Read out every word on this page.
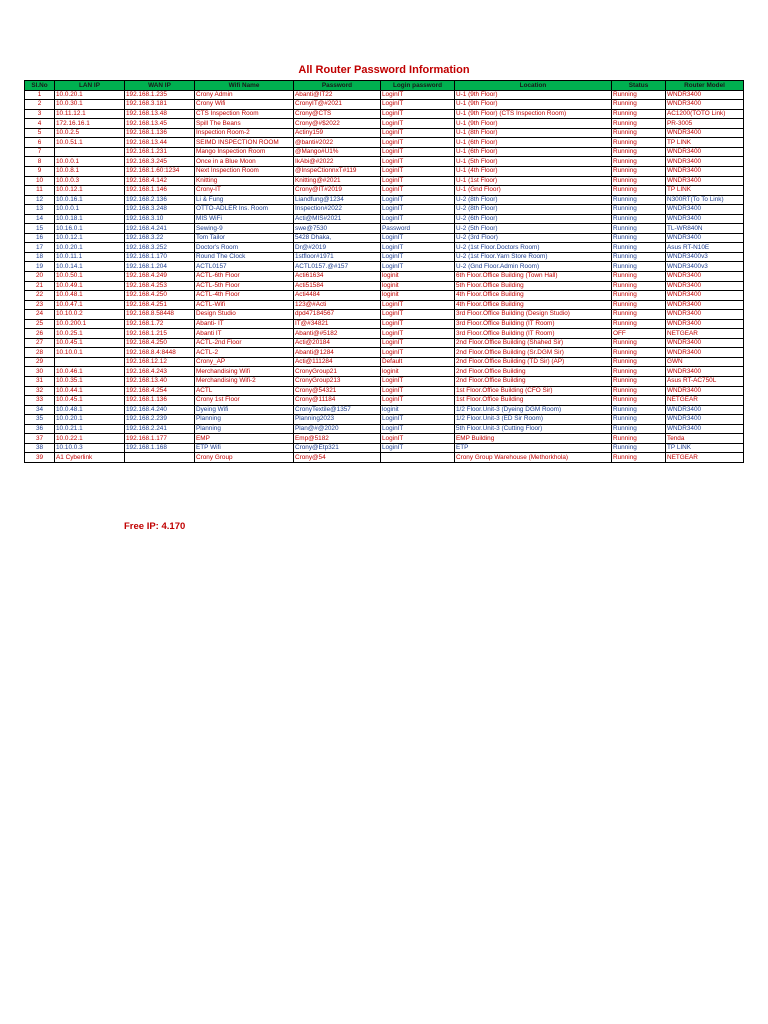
All Router Password Information
Sl.No	LAN IP	WAN IP	Wifi Name	Password	Login password	Location	Status	Router Model
1	10.0.20.1	192.168.1.235	Crony Admin	Abanti@IT22	LoginIT	U-1 (9th Floor)	Running	WNDR3400
2	10.0.30.1	192.168.3.181	Crony Wifi	CronyIT@#2021	LoginIT	U-1 (9th Floor)	Running	WNDR3400
3	10.11.12.1	192.168.13.48	CTS Inspection Room	Crony@CTS	LoginIT	U-1 (9th Floor) (CTS Inspection Room)	Running	AC1200(TOTO Link)
4	172.16.16.1	192.168.13.45	Spill The Beans	Crony@#$2022	LoginIT	U-1 (9th Floor)	Running	PR-3005
5	10.0.2.5	192.168.1.136	Inspection Room-2	Actiny159	LoginIT	U-1 (8th Floor)	Running	WNDR3400
6	10.0.51.1	192.168.13.44	SEIMD INSPECTION ROOM	@banti#2022	LoginIT	U-1 (6th Floor)	Running	TP LINK
7		192.168.1.231	Mango Inspection Room	@Mango#U1%	LoginIT	U-1 (6th Floor)	Running	WNDR3400
8	10.0.0.1	192.168.3.245	Once in a Blue Moon	IkAbi@#2022	LoginIT	U-1 (5th Floor)	Running	WNDR3400
9	10.0.8.1	192.168.1.60:1234	Next Inspection Room	@InspeCtionnxT#119	LoginIT	U-1 (4th Floor)	Running	WNDR3400
10	10.0.0.3	192.168.4.142	Knitting	Knitting@#2021	LoginIT	U-1 (1st Floor)	Running	WNDR3400
11	10.0.12.1	192.168.1.146	Crony-IT	Crony@IT#2019	LoginIT	U-1 (Gnd Floor)	Running	TP LINK
12	10.0.16.1	192.168.2.136	Li & Fung	Liandfung@1234	LoginIT	U-2 (8th Floor)	Running	N300RT(To To Link)
13	10.0.0.1	192.168.3.248	OTTO-ADLER Ins. Room	Inspection#2022	LoginIT	U-2 (8th Floor)	Running	WNDR3400
14	10.0.18.1	192.168.3.10	MIS WiFi	Acti@MIS#2021	LoginIT	U-2 (6th Floor)	Running	WNDR3400
15	10.16.0.1	192.168.4.241	Sewing-9	swe@7530	Password	U-2 (5th Floor)	Running	TL-WR840N
16	10.0.12.1	192.168.3.22	Tom Tailor	5428 Dhaka,	LoginIT	U-2 (3rd Floor)	Running	WNDR3400
17	10.0.20.1	192.168.3.252	Doctor's Room	Dr@#2019	LoginIT	U-2 (1st Floor.Doctors Room)	Running	Asus RT-N10E
18	10.0.11.1	192.168.1.170	Round The Clock	1stfloor#1971	LoginIT	U-2 (1st Floor.Yarn Store Room)	Running	WNDR3400v3
19	10.0.14.1	192.168.1.204	ACTL0157	ACTL0157.@#157	LoginIT	U-2 (Gnd Floor.Admin Room)	Running	WNDR3400v3
20	10.0.50.1	192.168.4.249	ACTL-6th Floor	Acti61634	loginit	6th Floor.Office Building (Town Hall)	Running	WNDR3400
21	10.0.49.1	192.168.4.253	ACTL-5th Floor	Acti51584	loginit	5th Floor.Office Building	Running	WNDR3400
22	10.0.48.1	192.168.4.250	ACTL-4th Floor	Acti4484	loginit	4th Floor.Office Building	Running	WNDR3400
23	10.0.47.1	192.168.4.251	ACTL-Wifi	123@#Acti	LoginIT	4th Floor.Office Building	Running	WNDR3400
24	10.10.0.2	192.168.8.58448	Design Studio	dpd47184567	LoginIT	3rd Floor.Office Building (Design Studio)	Running	WNDR3400
25	10.0.200.1	192.168.1.72	Abanti- IT	IT@#34821	LoginIT	3rd Floor.Office Building (IT Room)	Running	WNDR3400
26	10.0.25.1	192.168.1.215	Abanti IT	Abanti@#5182	LoginIT	3rd Floor.Office Building (IT Room)	OFF	NETGEAR
27	10.0.45.1	192.168.4.250	ACTL-2nd Floor	Acti@20184	LoginIT	2nd Floor.Office Building (Shahed Sir)	Running	WNDR3400
28	10.10.0.1	192.168.8.4:8448	ACTL-2	Abanti@1284	LoginIT	2nd Floor.Office Building (Sr.DGM Sir)	Running	WNDR3400
29		192.168.12.12	Crony_AP	Acti@111284	Default	2nd Floor.Office Building (TD Sir) (AP)	Running	GWN
30	10.0.46.1	192.168.4.243	Merchandising Wifi	CronyGroup21	loginit	2nd Floor.Office Building	Running	WNDR3400
31	10.0.35.1	192.168.13.40	Merchandising Wifi-2	CronyGroup213	LoginIT	2nd Floor.Office Building	Running	Asus RT-AC750L
32	10.0.44.1	192.168.4.254	ACTL	Crony@54321	LoginIT	1st Floor.Office Building (CFO Sir)	Running	WNDR3400
33	10.0.45.1	192.168.1.136	Crony 1st Floor	Crony@11184	LoginIT	1st Floor.Office Building	Running	NETGEAR
34	10.0.48.1	192.168.4.240	Dyeing Wifi	CronyTextile@1357	loginit	1/2 Floor.Unit-3 (Dyeing DGM Room)	Running	WNDR3400
35	10.0.20.1	192.168.2.239	Planning	Planning2023	LoginIT	1/2 Floor.Unit-3 (ED Sir Room)	Running	WNDR3400
36	10.0.21.1	192.168.2.241	Planning	Plan@#@2020	LoginIT	5th Floor.Unit-3 (Cutting Floor)	Running	WNDR3400
37	10.0.22.1	192.168.1.177	EMP	Emp@5182	LoginIT	EMP Building	Running	Tenda
38	10.10.0.3	192.168.1.168	ETP Wifi	Crony@Etp321	LoginIT	ETP	Running	TP LINK
39	A1 Cyberlink		Crony Group	Crony@54		Crony Group Warehouse (Methorkhola)	Running	NETGEAR
Free IP: 4.170
